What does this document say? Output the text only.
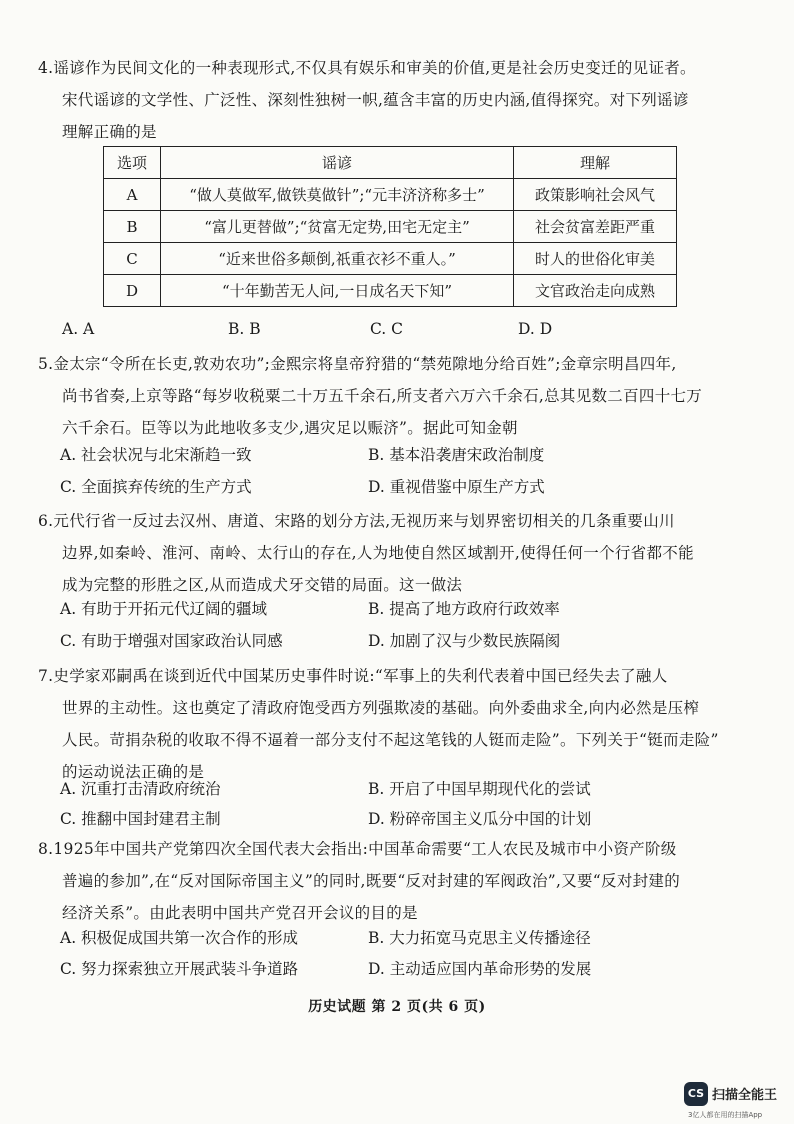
4.谣谚作为民间文化的一种表现形式,不仅具有娱乐和审美的价值,更是社会历史变迁的见证者。
宋代谣谚的文学性、广泛性、深刻性独树一帜,蕴含丰富的历史内涵,值得探究。对下列谣谚
理解正确的是
选项	谣谚	理解
A	“做人莫做军,做铁莫做针”;“元丰济济称多士”	政策影响社会风气
B	“富儿更替做”;“贫富无定势,田宅无定主”	社会贫富差距严重
C	“近来世俗多颠倒,祇重衣衫不重人。”	时人的世俗化审美
D	“十年勤苦无人问,一日成名天下知”	文官政治走向成熟
A. A	B. B	C. C	D. D
5.金太宗“令所在长吏,敦劝农功”;金熙宗将皇帝狩猎的“禁苑隙地分给百姓”;金章宗明昌四年,
尚书省奏,上京等路“每岁收税粟二十万五千余石,所支者六万六千余石,总其见数二百四十七万
六千余石。臣等以为此地收多支少,遇灾足以赈济”。据此可知金朝
A. 社会状况与北宋渐趋一致	B. 基本沿袭唐宋政治制度
C. 全面摈弃传统的生产方式	D. 重视借鉴中原生产方式
6.元代行省一反过去汉州、唐道、宋路的划分方法,无视历来与划界密切相关的几条重要山川
边界,如秦岭、淮河、南岭、太行山的存在,人为地使自然区域割开,使得任何一个行省都不能
成为完整的形胜之区,从而造成犬牙交错的局面。这一做法
A. 有助于开拓元代辽阔的疆域	B. 提高了地方政府行政效率
C. 有助于增强对国家政治认同感	D. 加剧了汉与少数民族隔阂
7.史学家邓嗣禹在谈到近代中国某历史事件时说:“军事上的失利代表着中国已经失去了融人
世界的主动性。这也奠定了清政府饱受西方列强欺凌的基础。向外委曲求全,向内必然是压榨
人民。苛捐杂税的收取不得不逼着一部分支付不起这笔钱的人铤而走险”。下列关于“铤而走险”
的运动说法正确的是
A. 沉重打击清政府统治	B. 开启了中国早期现代化的尝试
C. 推翻中国封建君主制	D. 粉碎帝国主义瓜分中国的计划
8.1925年中国共产党第四次全国代表大会指出:中国革命需要“工人农民及城市中小资产阶级
普遍的参加”,在“反对国际帝国主义”的同时,既要“反对封建的军阀政治”,又要“反对封建的
经济关系”。由此表明中国共产党召开会议的目的是
A. 积极促成国共第一次合作的形成	B. 大力拓宽马克思主义传播途径
C. 努力探索独立开展武装斗争道路	D. 主动适应国内革命形势的发展
历史试题 第 2 页(共 6 页)
CS 扫描全能王
3亿人都在用的扫描App
